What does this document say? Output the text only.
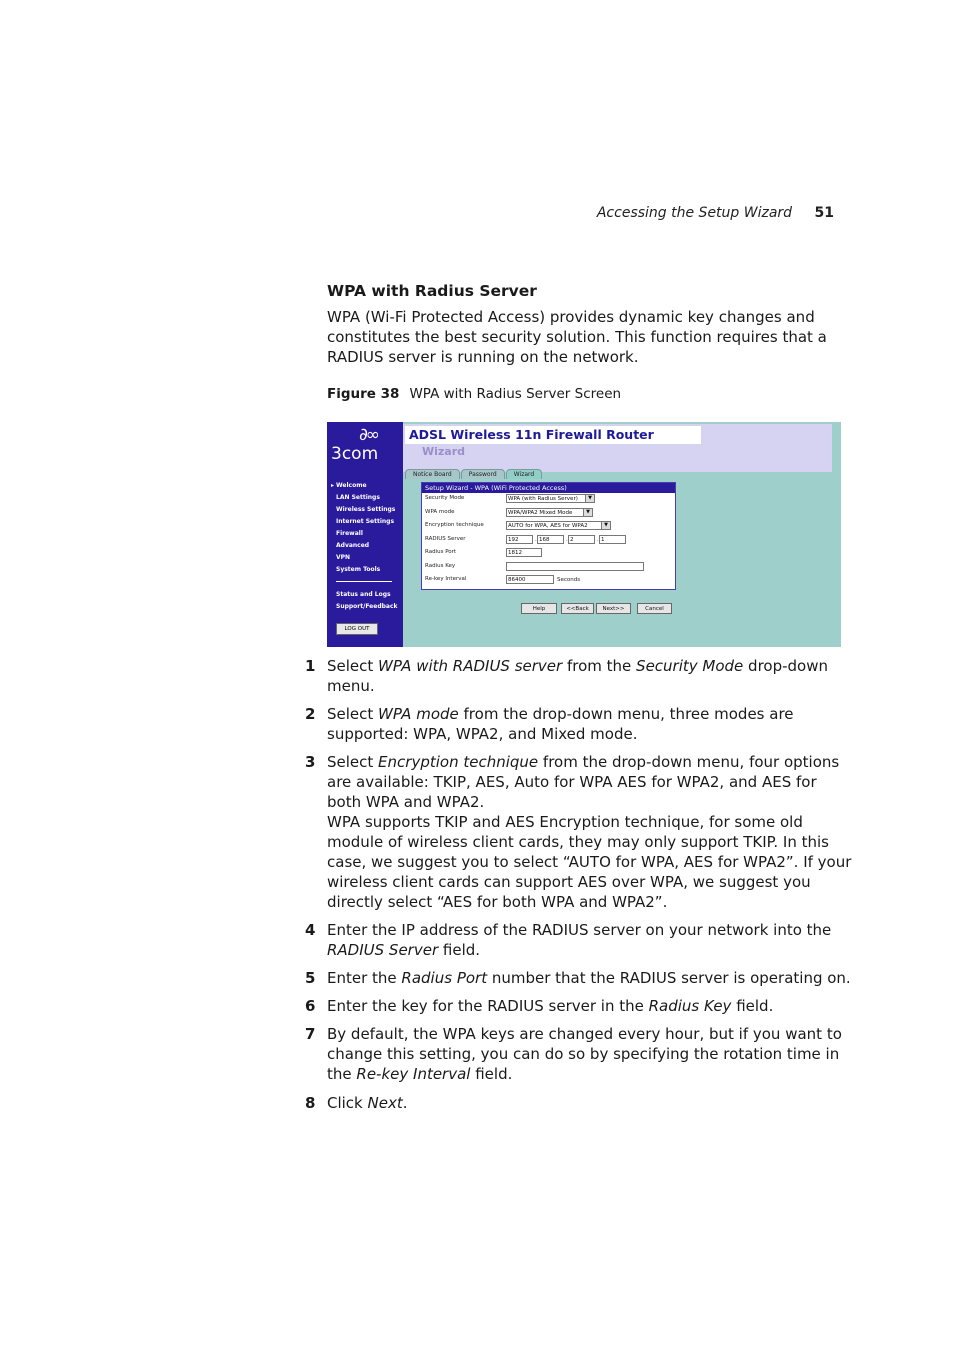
Accessing the Setup Wizard 51
WPA with Radius Server

WPA (Wi-Fi Protected Access) provides dynamic key changes and constitutes the best security solution. This function requires that a RADIUS server is running on the network.

Figure 38 WPA with Radius Server Screen

∂∞
3com
▸ Welcome
LAN Settings
Wireless Settings
Internet Settings
Firewall
Advanced
VPN
System Tools
Status and Logs
Support/Feedback
LOG OUT
ADSL Wireless 11n Firewall Router
Wizard
Notice Board	Password	Wizard
Setup Wizard - WPA (WiFi Protected Access)
Security Mode	WPA (with Radius Server)	▼
WPA mode	WPA/WPA2 Mixed Mode	▼
Encryption technique	AUTO for WPA, AES for WPA2	▼
RADIUS Server	192	. 168	. 2	. 1
Radius Port	1812
Radius Key
Re-key Interval	86400	Seconds
Help	<<Back	Next>>	Cancel
1 Select WPA with RADIUS server from the Security Mode drop-down menu.

2 Select WPA mode from the drop-down menu, three modes are supported: WPA, WPA2, and Mixed mode.

3 Select Encryption technique from the drop-down menu, four options are available: TKIP, AES, Auto for WPA AES for WPA2, and AES for both WPA and WPA2.

WPA supports TKIP and AES Encryption technique, for some old module of wireless client cards, they may only support TKIP. In this case, we suggest you to select “AUTO for WPA, AES for WPA2”. If your wireless client cards can support AES over WPA, we suggest you directly select “AES for both WPA and WPA2”.

4 Enter the IP address of the RADIUS server on your network into the RADIUS Server field.

5 Enter the Radius Port number that the RADIUS server is operating on.

6 Enter the key for the RADIUS server in the Radius Key field.

7 By default, the WPA keys are changed every hour, but if you want to change this setting, you can do so by specifying the rotation time in the Re-key Interval field.

8 Click Next.
